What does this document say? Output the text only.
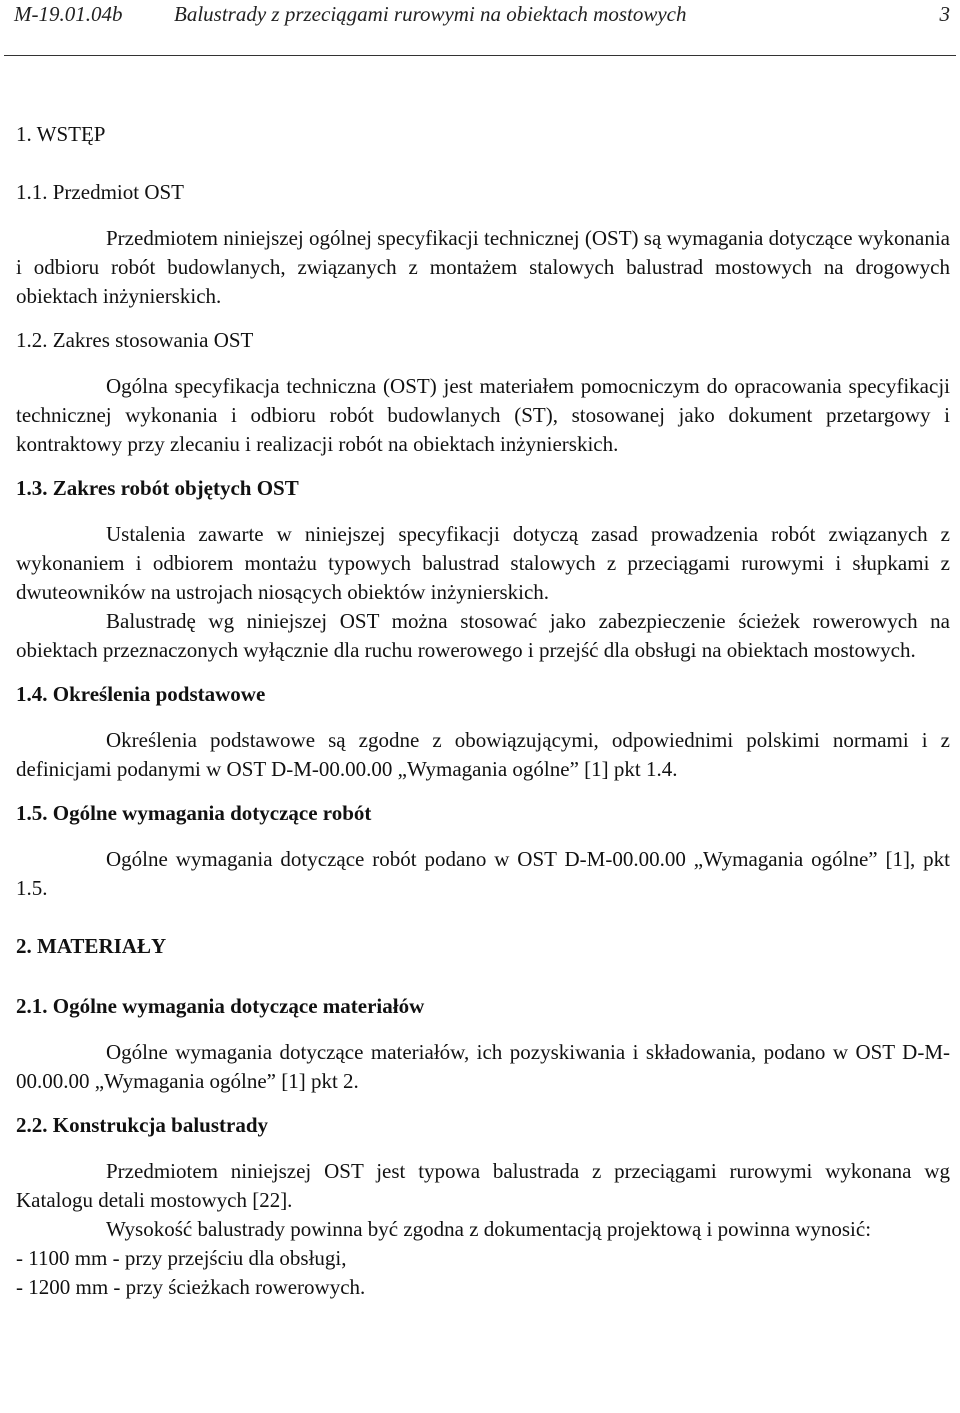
M-19.01.04b Balustrady z przeciągami rurowymi na obiektach mostowych	3
1. WSTĘP
1.1. Przedmiot OST

Przedmiotem niniejszej ogólnej specyfikacji technicznej (OST) są wymagania dotyczące wykonania i odbioru robót budowlanych, związanych z montażem stalowych balustrad mostowych na drogowych obiektach inżynierskich.

1.2. Zakres stosowania OST

Ogólna specyfikacja techniczna (OST) jest materiałem pomocniczym do opracowania specyfikacji technicznej wykonania i odbioru robót budowlanych (ST), stosowanej jako dokument przetargowy i kontraktowy przy zlecaniu i realizacji robót na obiektach inżynierskich.

1.3. Zakres robót objętych OST

Ustalenia zawarte w niniejszej specyfikacji dotyczą zasad prowadzenia robót związanych z wykonaniem i odbiorem montażu typowych balustrad stalowych z przeciągami rurowymi i słupkami z dwuteowników na ustrojach niosących obiektów inżynierskich.

Balustradę wg niniejszej OST można stosować jako zabezpieczenie ścieżek rowerowych na obiektach przeznaczonych wyłącznie dla ruchu rowerowego i przejść dla obsługi na obiektach mostowych.

1.4. Określenia podstawowe

Określenia podstawowe są zgodne z obowiązującymi, odpowiednimi polskimi normami i z definicjami podanymi w OST D-M-00.00.00 „Wymagania ogólne” [1] pkt 1.4.

1.5. Ogólne wymagania dotyczące robót

Ogólne wymagania dotyczące robót podano w OST D-M-00.00.00 „Wymagania ogólne” [1], pkt 1.5.

2. MATERIAŁY
2.1. Ogólne wymagania dotyczące materiałów

Ogólne wymagania dotyczące materiałów, ich pozyskiwania i składowania, podano w OST D-M-00.00.00 „Wymagania ogólne” [1] pkt 2.

2.2. Konstrukcja balustrady

Przedmiotem niniejszej OST jest typowa balustrada z przeciągami rurowymi wykonana wg Katalogu detali mostowych [22].

Wysokość balustrady powinna być zgodna z dokumentacją projektową i powinna wynosić:

- 1100 mm - przy przejściu dla obsługi,

- 1200 mm - przy ścieżkach rowerowych.
